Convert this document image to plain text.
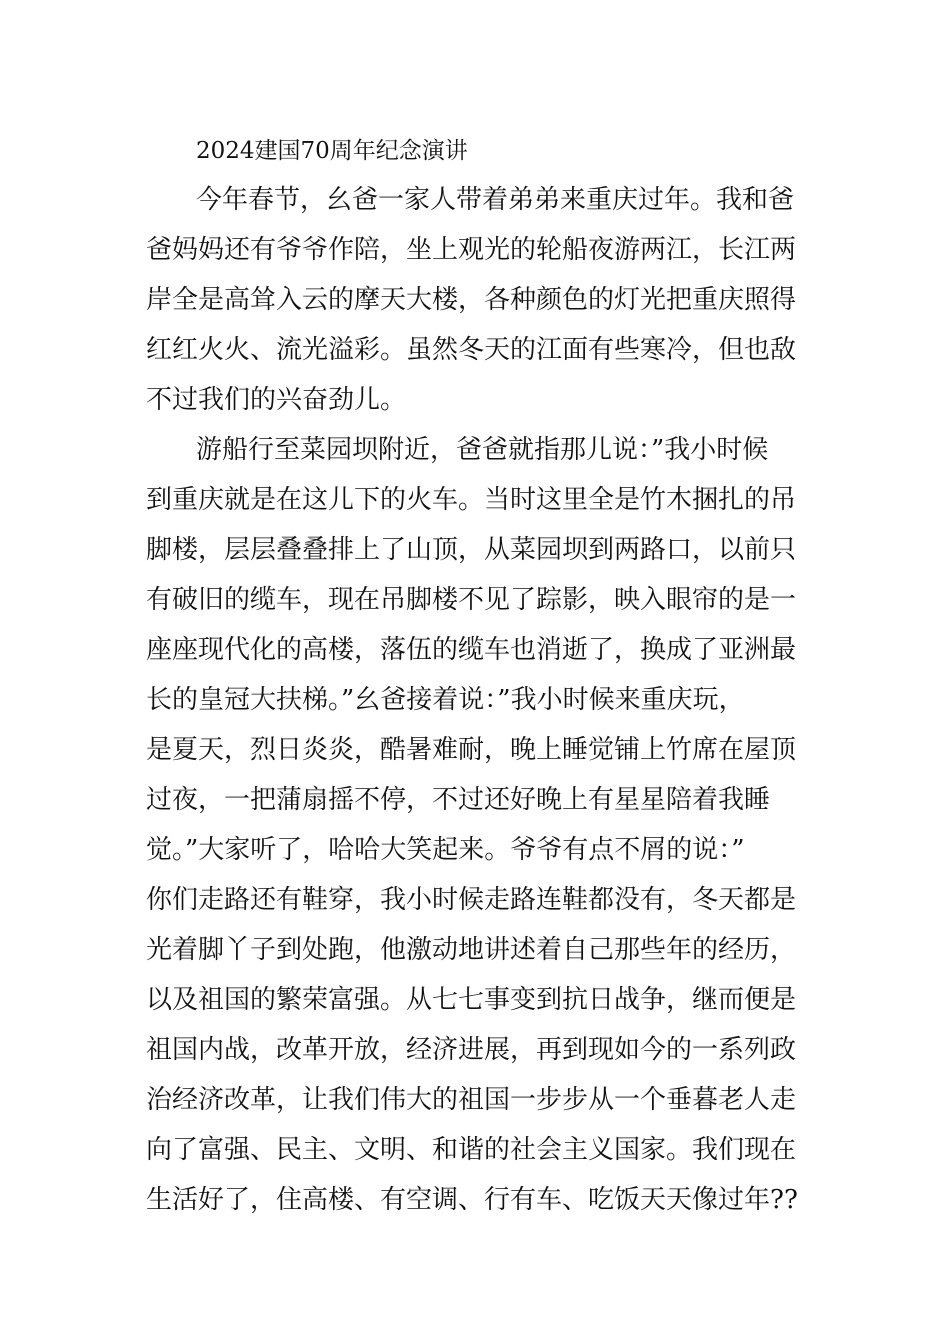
2024建国70周年纪念演讲
今年春节，幺爸一家人带着弟弟来重庆过年。我和爸
爸妈妈还有爷爷作陪，坐上观光的轮船夜游两江，长江两
岸全是高耸入云的摩天大楼，各种颜色的灯光把重庆照得
红红火火、流光溢彩。虽然冬天的江面有些寒冷，但也敌
不过我们的兴奋劲儿。
游船行至菜园坝附近，爸爸就指那儿说：”我小时候
到重庆就是在这儿下的火车。当时这里全是竹木捆扎的吊
脚楼，层层叠叠排上了山顶，从菜园坝到两路口，以前只
有破旧的缆车，现在吊脚楼不见了踪影，映入眼帘的是一
座座现代化的高楼，落伍的缆车也消逝了，换成了亚洲最
长的皇冠大扶梯。”幺爸接着说：”我小时候来重庆玩，
是夏天，烈日炎炎，酷暑难耐，晚上睡觉铺上竹席在屋顶
过夜，一把蒲扇摇不停，不过还好晚上有星星陪着我睡
觉。”大家听了，哈哈大笑起来。爷爷有点不屑的说：”
你们走路还有鞋穿，我小时候走路连鞋都没有，冬天都是
光着脚丫子到处跑，他激动地讲述着自己那些年的经历，
以及祖国的繁荣富强。从七七事变到抗日战争，继而便是
祖国内战，改革开放，经济进展，再到现如今的一系列政
治经济改革，让我们伟大的祖国一步步从一个垂暮老人走
向了富强、民主、文明、和谐的社会主义国家。我们现在
生活好了，住高楼、有空调、行有车、吃饭天天像过年??
